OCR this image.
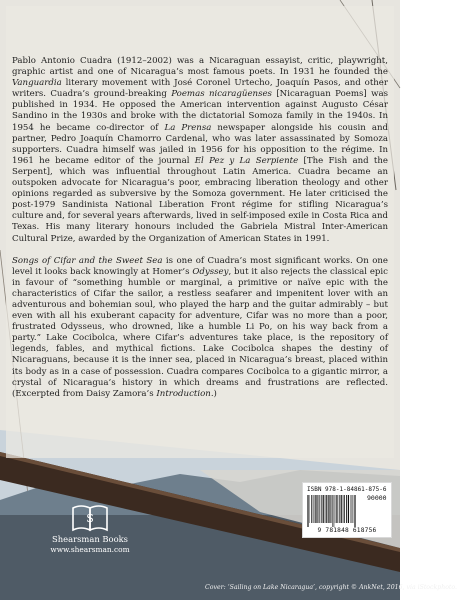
Pablo Antonio Cuadra (1912–2002) was a Nicaraguan essayist, critic, playwright, graphic artist and one of Nicaragua’s most famous poets. In 1931 he founded the Vanguardia literary movement with José Coronel Urtecho, Joaquín Pasos, and other writers. Cuadra’s ground-breaking Poemas nicaragüenses [Nicaraguan Poems] was published in 1934. He opposed the American intervention against Augusto César Sandino in the 1930s and broke with the dictatorial Somoza family in the 1940s. In 1954 he became co-director of La Prensa newspaper alongside his cousin and partner, Pedro Joaquín Chamorro Cardenal, who was later assassinated by Somoza supporters. Cuadra himself was jailed in 1956 for his opposition to the régime. In 1961 he became editor of the journal El Pez y La Serpiente [The Fish and the Serpent], which was influential throughout Latin America. Cuadra became an outspoken advocate for Nicaragua’s poor, embracing liberation theology and other opinions regarded as subversive by the Somoza government. He later criticised the post-1979 Sandinista National Liberation Front régime for stifling Nicaragua’s culture and, for several years afterwards, lived in self-imposed exile in Costa Rica and Texas. His many literary honours included the Gabriela Mistral Inter-American Cultural Prize, awarded by the Organization of American States in 1991.

Songs of Cifar and the Sweet Sea is one of Cuadra’s most significant works. On one level it looks back knowingly at Homer’s Odyssey, but it also rejects the classical epic in favour of “something humble or marginal, a primitive or naïve epic with the characteristics of Cifar the sailor, a restless seafarer and impenitent lover with an adventurous and bohemian soul, who played the harp and the guitar admirably – but even with all his exuberant capacity for adventure, Cifar was no more than a poor, frustrated Odysseus, who drowned, like a humble Li Po, on his way back from a party.” Lake Cocibolca, where Cifar’s adventures take place, is the repository of legends, fables, and mythical fictions. Lake Cocibolca shapes the destiny of Nicaraguans, because it is the inner sea, placed in Nicaragua’s breast, placed within its body as in a case of possession. Cuadra compares Cocibolca to a gigantic mirror, a crystal of Nicaragua’s history in which dreams and frustrations are reflected. (Excerpted from Daisy Zamora’s Introduction.)

S
Shearsman Books
www.shearsman.com
ISBN 978-1-84861-875-6
90000
9 781848 618756
Cover: ‘Sailing on Lake Nicaragua’, copyright © AnkNet, 2016, via iStockphoto.
